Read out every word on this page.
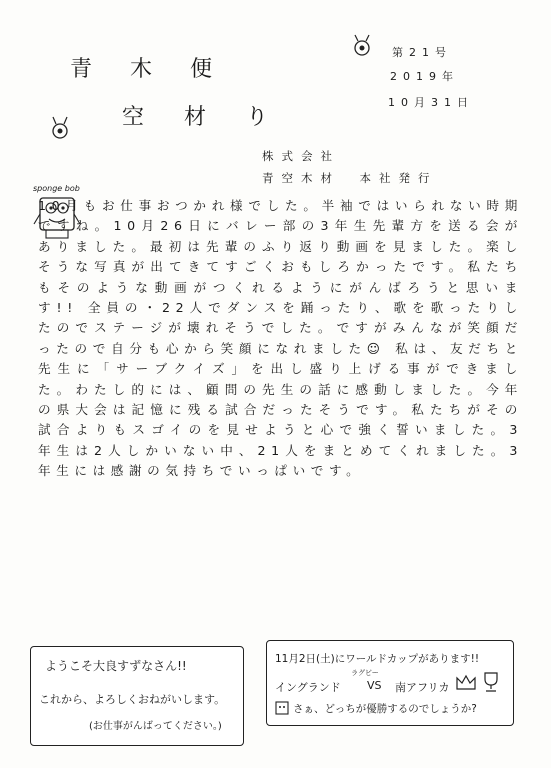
青木便
空材り
第21号
2019年
10月31日
株式会社
青空木材　本社発行
sponge bob

10月もお仕事おつかれ様でした。半袖ではいられない時期ですね。10月26日にバレー部の3年生先輩方を送る会がありました。最初は先輩のふり返り動画を見ました。楽しそうな写真が出てきてすごくおもしろかったです。私たちもそのような動画がつくれるようにがんばろうと思います!! 全員の・22人でダンスを踊ったり、歌を歌ったりしたのでステージが壊れそうでした。ですがみんなが笑顔だったので自分も心から笑顔になれました☺ 私は、友だちと先生に「サーブクイズ」を出し盛り上げる事ができました。わたし的には、顧問の先生の話に感動しました。今年の県大会は記憶に残る試合だったそうです。私たちがその試合よりもスゴイのを見せようと心で強く誓いました。3年生は2人しかいない中、21人をまとめてくれました。3年生には感謝の気持ちでいっぱいです。

ようこそ大良すずなさん!!
これから、よろしくおねがいします。
(お仕事がんばってください。)
11月2日(土)にワールドカップがあります!!
ラグビー
イングランド VS 南アフリカ
さぁ、どっちが優勝するのでしょうか?
